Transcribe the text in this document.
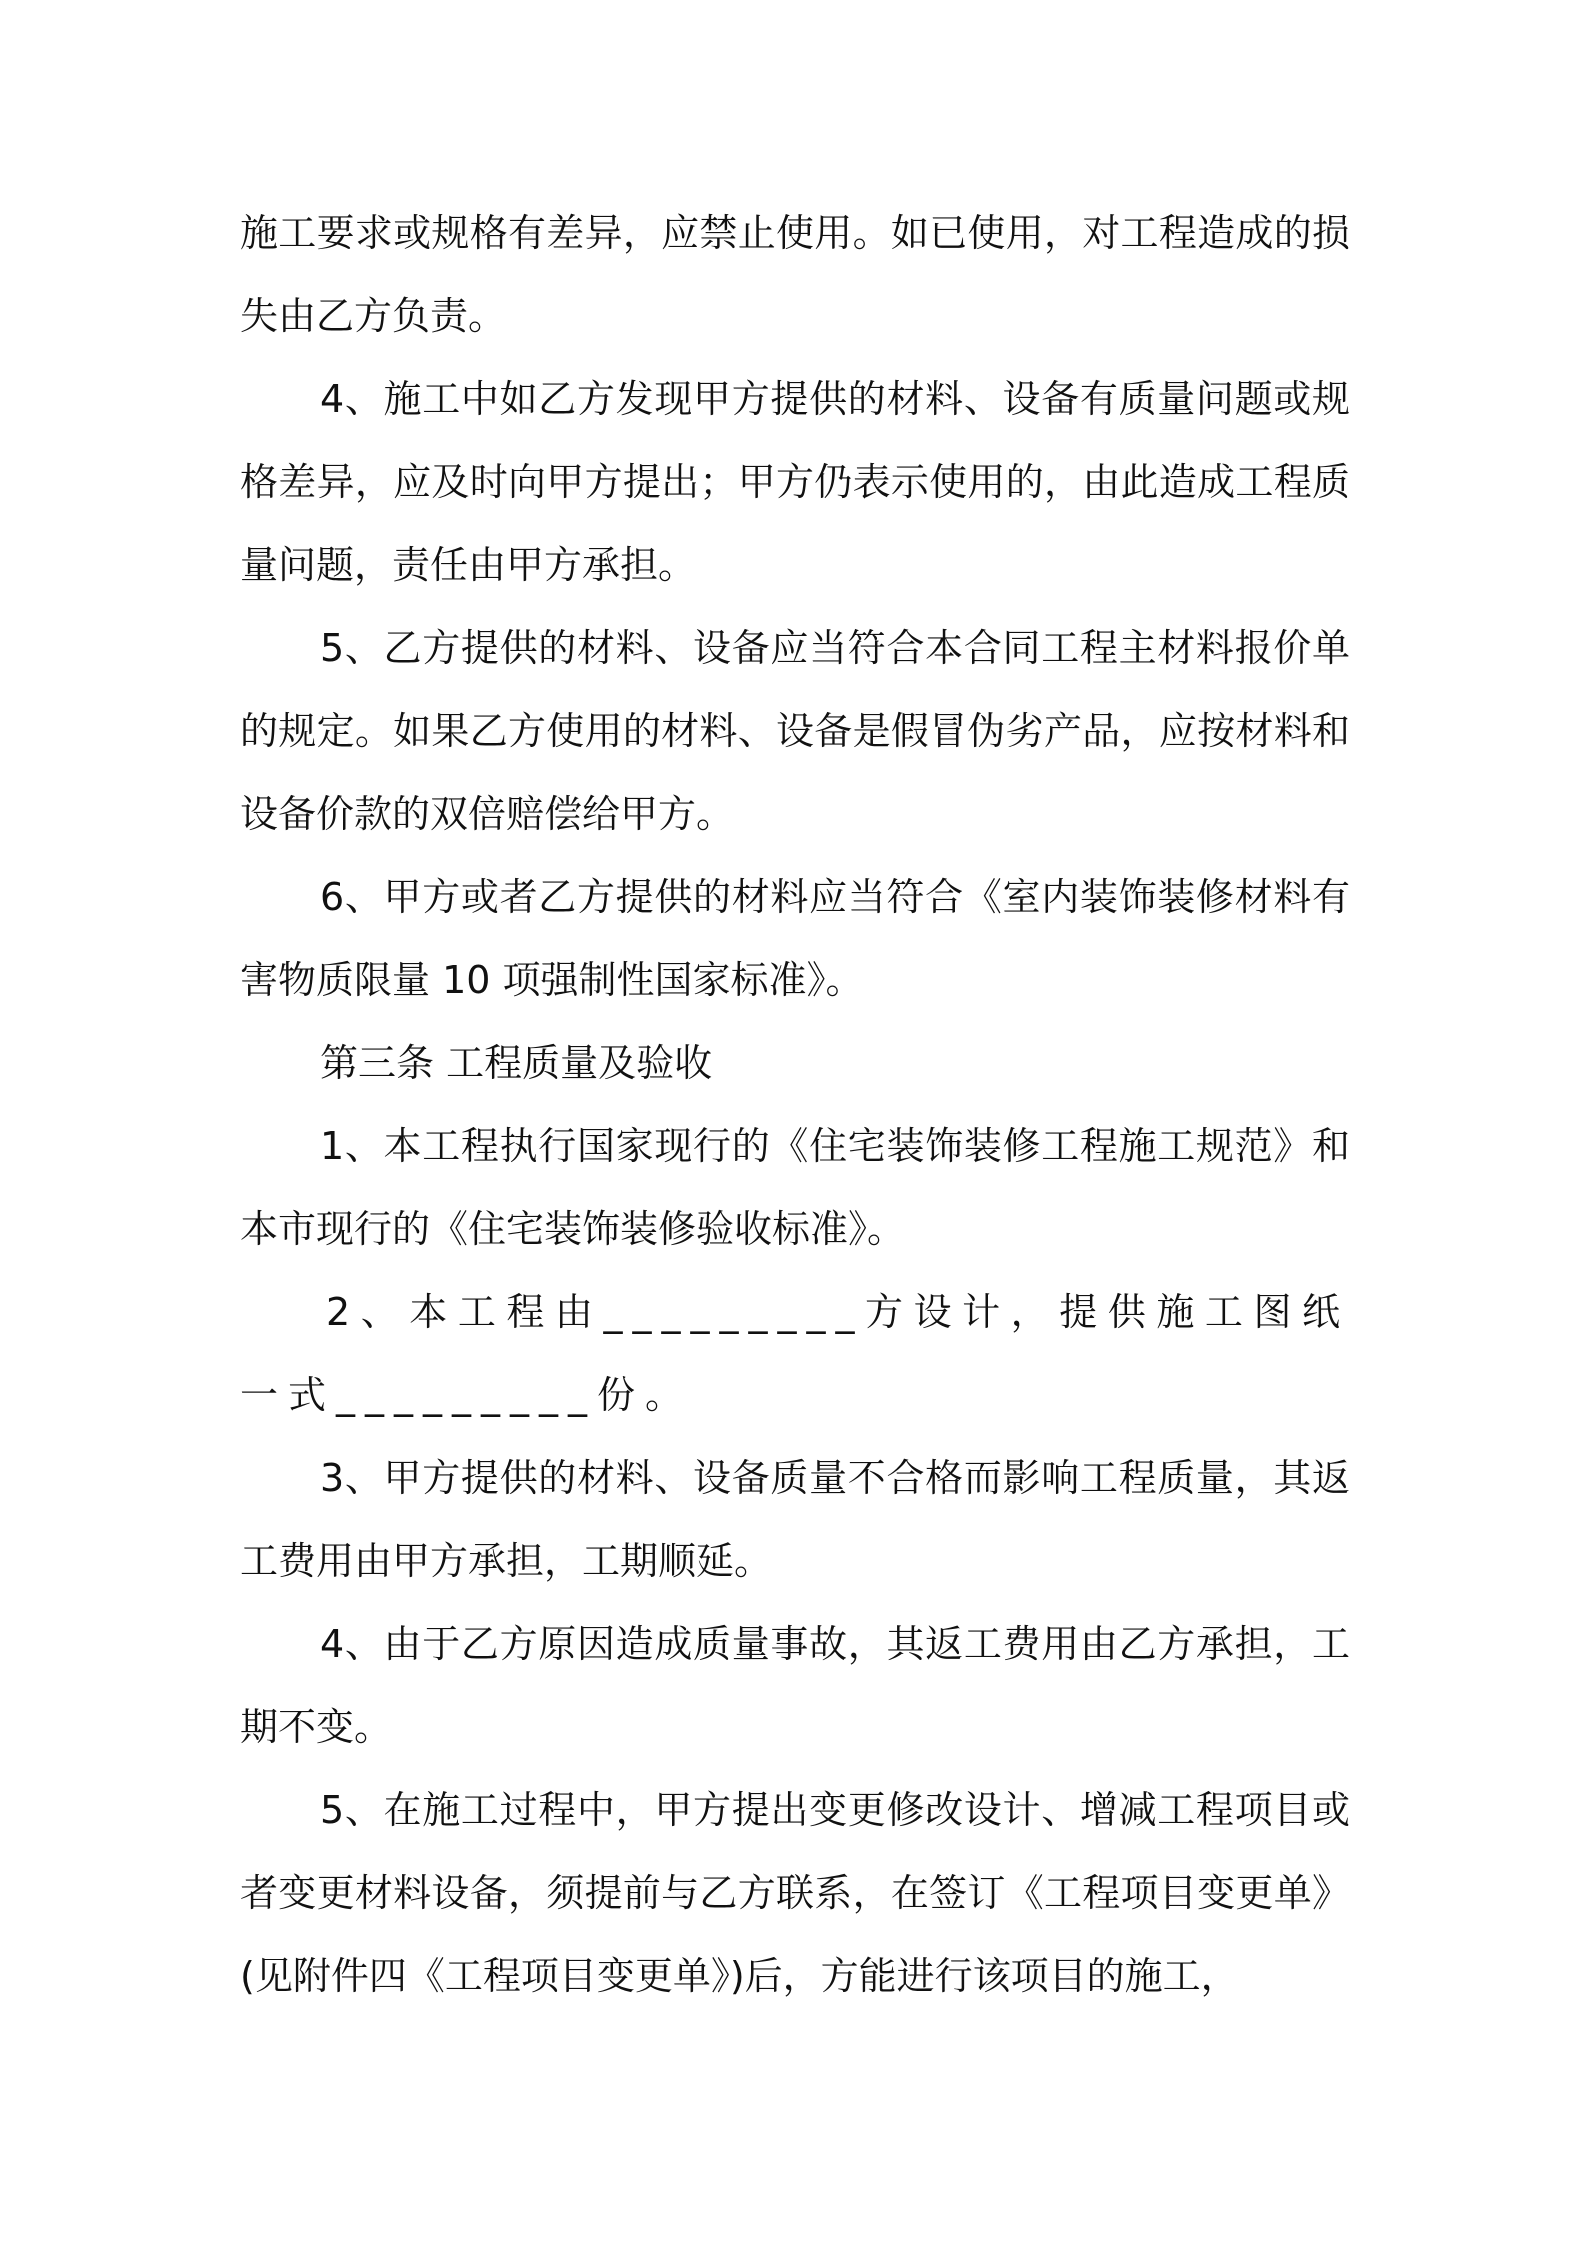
施工要求或规格有差异，应禁止使用。如已使用，对工程造成的损失由乙方负责。

4、施工中如乙方发现甲方提供的材料、设备有质量问题或规格差异，应及时向甲方提出；甲方仍表示使用的，由此造成工程质量问题，责任由甲方承担。

5、乙方提供的材料、设备应当符合本合同工程主材料报价单的规定。如果乙方使用的材料、设备是假冒伪劣产品，应按材料和设备价款的双倍赔偿给甲方。

6、甲方或者乙方提供的材料应当符合《室内装饰装修材料有害物质限量 10 项强制性国家标准》。

第三条 工程质量及验收

1、本工程执行国家现行的《住宅装饰装修工程施工规范》和本市现行的《住宅装饰装修验收标准》。

2、本工程由_________方设计，提供施工图纸一式_________份。

3、甲方提供的材料、设备质量不合格而影响工程质量，其返工费用由甲方承担，工期顺延。

4、由于乙方原因造成质量事故，其返工费用由乙方承担，工期不变。

5、在施工过程中，甲方提出变更修改设计、增减工程项目或者变更材料设备，须提前与乙方联系，在签订《工程项目变更单》(见附件四《工程项目变更单》)后，方能进行该项目的施工，
